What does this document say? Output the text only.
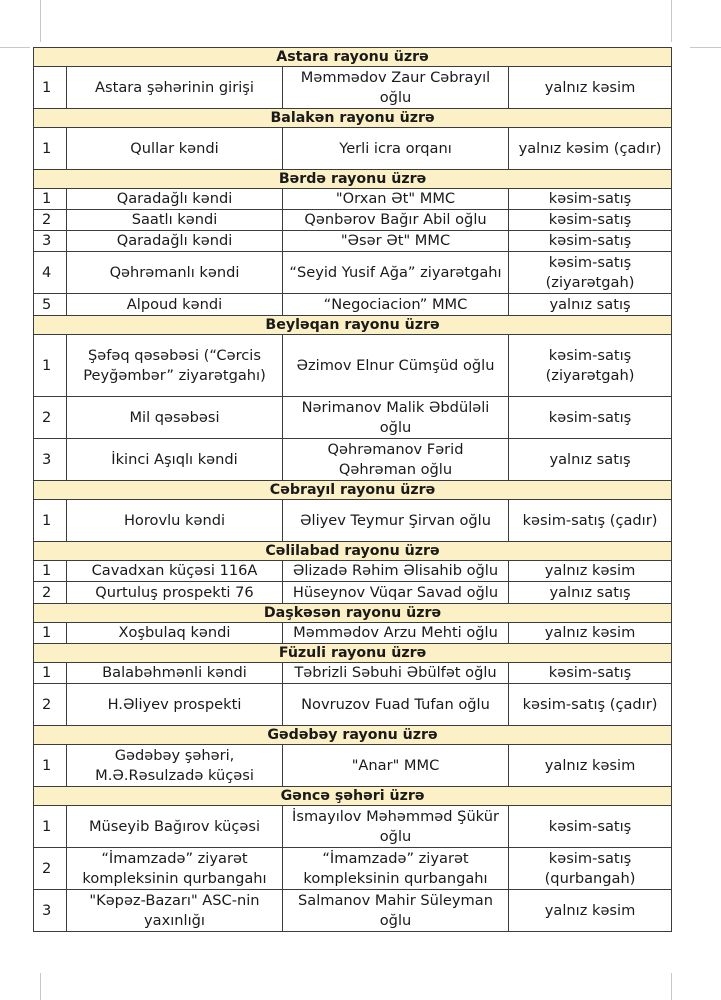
Astara rayonu üzrə			
1	Astara şəhərinin girişi	Məmmədov Zaur Cəbrayıl oğlu	yalnız kəsim
Balakən rayonu üzrə			
1	Qullar kəndi	Yerli icra orqanı	yalnız kəsim (çadır)
Bərdə rayonu üzrə			
1	Qaradağlı kəndi	"Orxan Ət" MMC	kəsim-satış
2	Saatlı kəndi	Qənbərov Bağır Abil oğlu	kəsim-satış
3	Qaradağlı kəndi	"Əsər Ət" MMC	kəsim-satış
4	Qəhrəmanlı kəndi	“Seyid Yusif Ağa” ziyarətgahı	kəsim-satış (ziyarətgah)
5	Alpoud kəndi	“Negociacion” MMC	yalnız satış
Beyləqan rayonu üzrə			
1	Şəfəq qəsəbəsi (“Cərcis Peyğəmbər” ziyarətgahı)	Əzimov Elnur Cümşüd oğlu	kəsim-satış (ziyarətgah)
2	Mil qəsəbəsi	Nərimanov Malik Əbdüləli oğlu	kəsim-satış
3	İkinci Aşıqlı kəndi	Qəhrəmanov Fərid Qəhrəman oğlu	yalnız satış
Cəbrayıl rayonu üzrə			
1	Horovlu kəndi	Əliyev Teymur Şirvan oğlu	kəsim-satış (çadır)
Cəlilabad rayonu üzrə			
1	Cavadxan küçəsi 116A	Əlizadə Rəhim Əlisahib oğlu	yalnız kəsim
2	Qurtuluş prospekti 76	Hüseynov Vüqar Savad oğlu	yalnız satış
Daşkəsən rayonu üzrə			
1	Xoşbulaq kəndi	Məmmədov Arzu Mehti oğlu	yalnız kəsim
Füzuli rayonu üzrə			
1	Balabəhmənli kəndi	Təbrizli Səbuhi Əbülfət oğlu	kəsim-satış
2	H.Əliyev prospekti	Novruzov Fuad Tufan oğlu	kəsim-satış (çadır)
Gədəbəy rayonu üzrə			
1	Gədəbəy şəhəri, M.Ə.Rəsulzadə küçəsi	"Anar" MMC	yalnız kəsim
Gəncə şəhəri üzrə			
1	Müseyib Bağırov küçəsi	İsmayılov Məhəmməd Şükür oğlu	kəsim-satış
2	“İmamzadə” ziyarət kompleksinin qurbangahı	“İmamzadə” ziyarət kompleksinin qurbangahı	kəsim-satış (qurbangah)
3	"Kəpəz-Bazarı" ASC-nin yaxınlığı	Salmanov Mahir Süleyman oğlu	yalnız kəsim
